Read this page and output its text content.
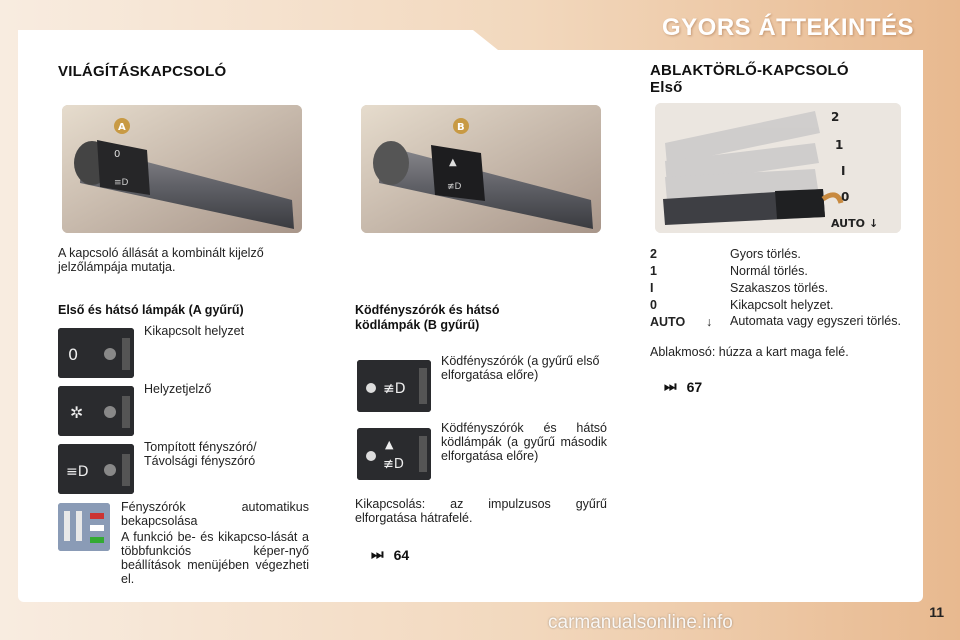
GYORS ÁTTEKINTÉS
VILÁGÍTÁSKAPCSOLÓ
0
≡D
A
▲
≢D
B
A kapcsoló állását a kombinált kijelző jelzőlámpája mutatja.
Első és hátsó lámpák (A gyűrű)
0
Kikapcsolt helyzet
✲
Helyzetjelző
≡D
Tompított fényszóró/ Távolsági fényszóró
Fényszórók automatikus bekapcsolása
A funkció be- és kikapcso-lását a többfunkciós képer-nyő beállítások menüjében végezheti el.
Ködfényszórók és hátsó ködlámpák (B gyűrű)
≢D
Ködfényszórók (a gyűrű első elforgatása előre)
▲
≢D
Ködfényszórók és hátsó ködlámpák (a gyűrű második elforgatása előre)
Kikapcsolás: az impulzusos gyűrű elforgatása hátrafelé.
⏭ 64
ABLAKTÖRLŐ-KAPCSOLÓ
Első
2
1
I
0
AUTO ↓
2	Gyors törlés.
1	Normál törlés.
I	Szakaszos törlés.
0	Kikapcsolt helyzet.
AUTO ↓ Automata vagy egyszeri törlés.
Ablakmosó: húzza a kart maga felé.
⏭ 67
11
carmanualsonline.info
